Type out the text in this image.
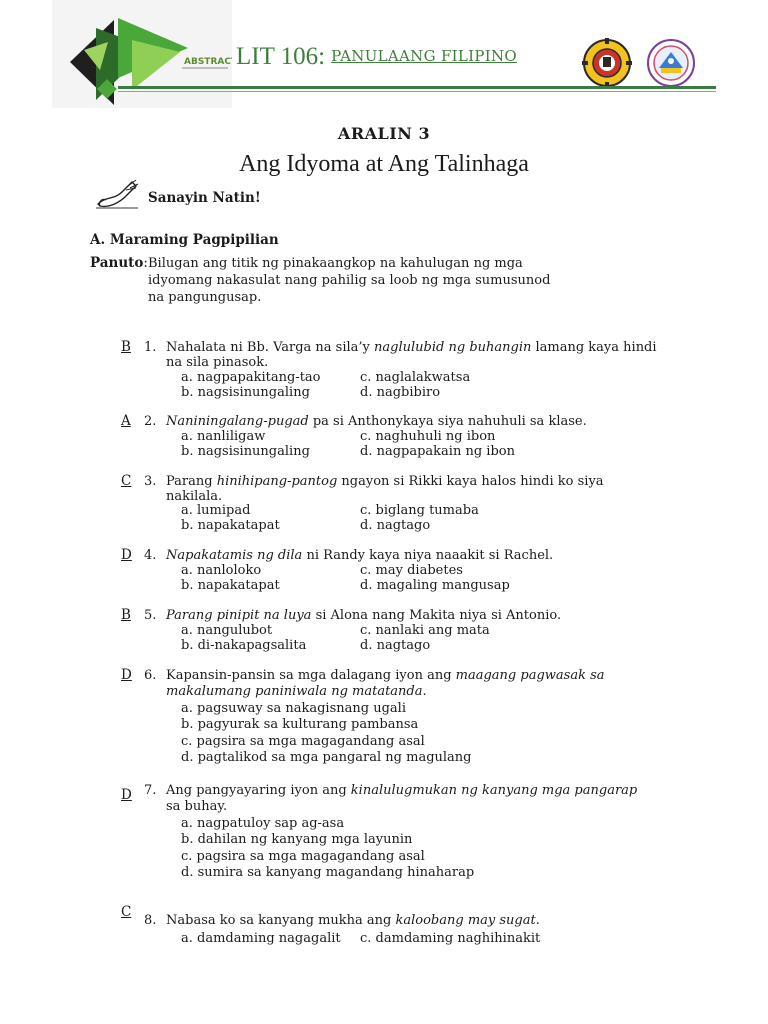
ABSTRACT
LIT 106: PANULAANG FILIPINO
ARALIN 3
Ang Idyoma at Ang Talinhaga
Sanayin Natin!
A. Maraming Pagpipilian
Panuto: Bilugan ang titik ng pinakaangkop na kahulugan ng mga
idyomang nakasulat nang pahilig sa loob ng mga sumusunod
na pangungusap.
B 1. Nahalata ni Bb. Varga na sila’y naglulubid ng buhangin lamang kaya hindi
na sila pinasok.
a. nagpapakitang-tao	c. naglalakwatsa
b. nagsisinungaling	d. nagbibiro
A 2. Naniningalang-pugad pa si Anthonykaya siya nahuhuli sa klase.
a. nanliligaw	c. naghuhuli ng ibon
b. nagsisinungaling	d. nagpapakain ng ibon
C 3. Parang hinihipang-pantog ngayon si Rikki kaya halos hindi ko siya
nakilala.
a. lumipad	c. biglang tumaba
b. napakatapat	d. nagtago
D 4. Napakatamis ng dila ni Randy kaya niya naaakit si Rachel.
a. nanloloko	c. may diabetes
b. napakatapat	d. magaling mangusap
B 5. Parang pinipit na luya si Alona nang Makita niya si Antonio.
a. nangulubot	c. nanlaki ang mata
b. di-nakapagsalita	d. nagtago
D 6. Kapansin-pansin sa mga dalagang iyon ang maagang pagwasak sa
makalumang paniniwala ng matatanda.
a. pagsuway sa nakagisnang ugali
b. pagyurak sa kulturang pambansa
c. pagsira sa mga magagandang asal
d. pagtalikod sa mga pangaral ng magulang
D 7. Ang pangyayaring iyon ang kinalulugmukan ng kanyang mga pangarap
sa buhay.
a. nagpatuloy sap ag-asa
b. dahilan ng kanyang mga layunin
c. pagsira sa mga magagandang asal
d. sumira sa kanyang magandang hinaharap
C
8. Nabasa ko sa kanyang mukha ang kaloobang may sugat.
a. damdaming nagagalit c. damdaming naghihinakit
